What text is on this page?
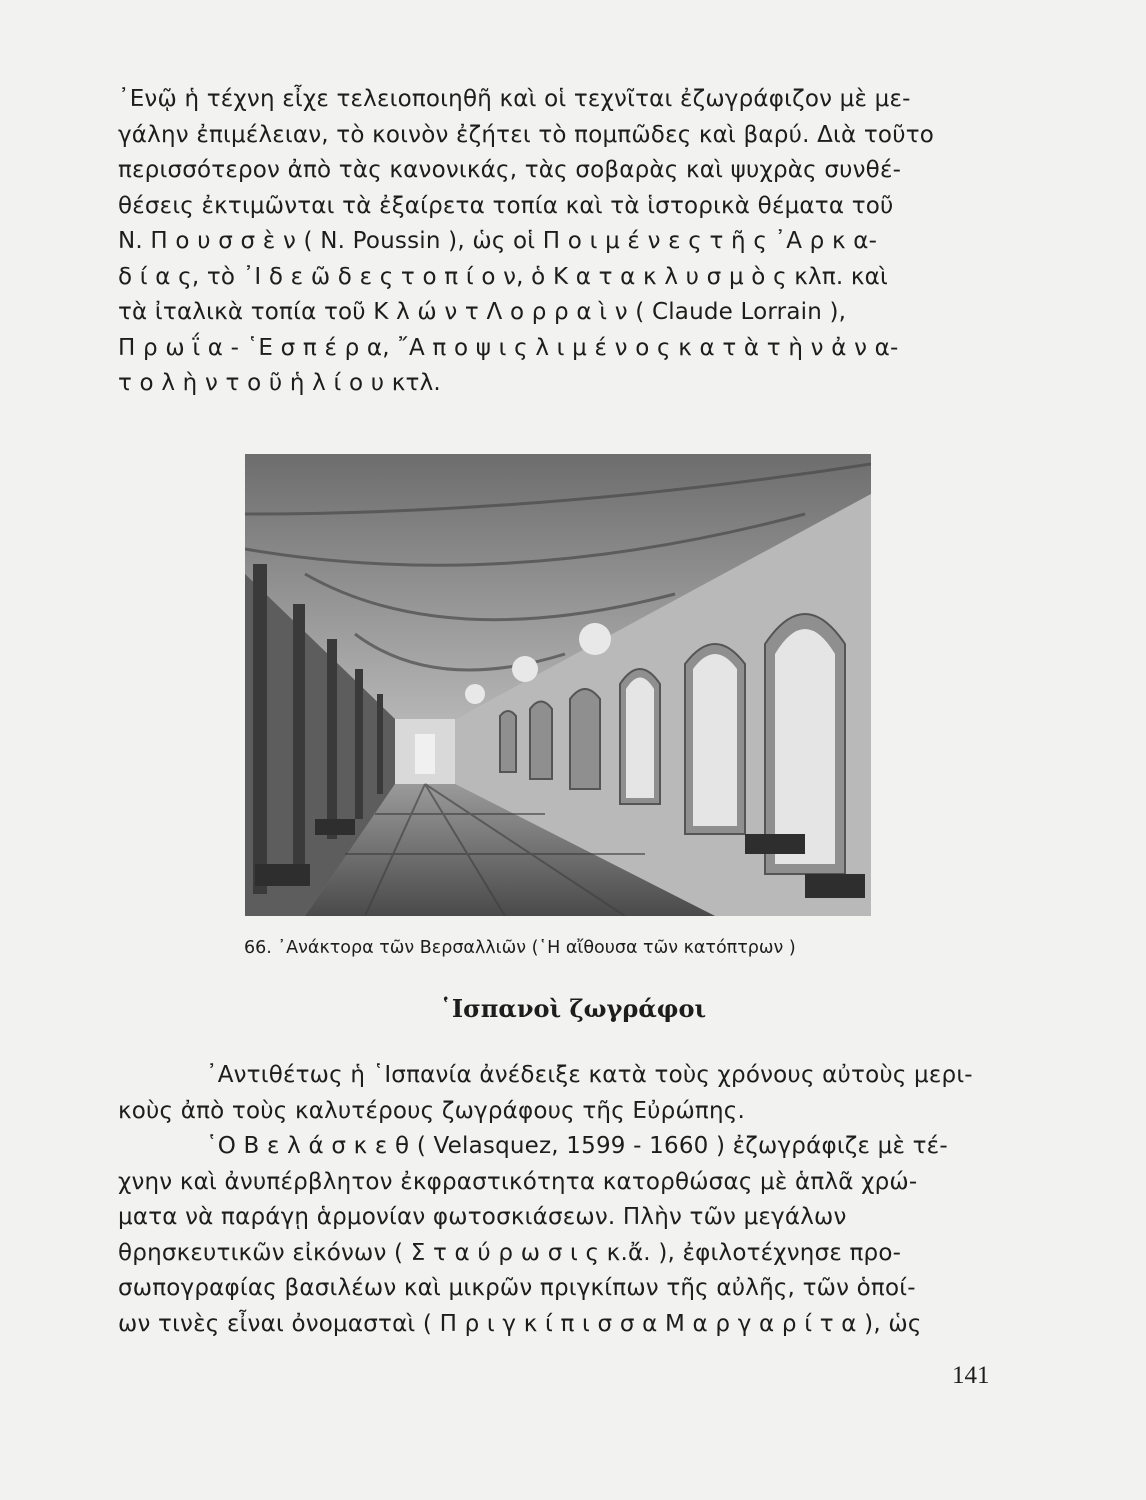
᾿Ενῷ ἡ τέχνη εἶχε τελειοποιηθῆ καὶ οἱ τεχνῖται ἐζωγράφιζον μὲ με-
γάλην ἐπιμέλειαν, τὸ κοινὸν ἐζήτει τὸ πομπῶδες καὶ βαρύ. Διὰ τοῦτο
περισσότερον ἀπὸ τὰς κανονικάς, τὰς σοβαρὰς καὶ ψυχρὰς συνθέ-
θέσεις ἐκτιμῶνται τὰ ἐξαίρετα τοπία καὶ τὰ ἱστορικὰ θέματα τοῦ
Ν. Π ο υ σ σ ὲ ν ( N. Poussin ), ὡς οἱ Π ο ι μ έ ν ε ς τ ῆ ς ᾿Α ρ κ α-
δ ί α ς, τὸ ᾿Ι δ ε ῶ δ ε ς τ ο π ί ο ν, ὁ Κ α τ α κ λ υ σ μ ὸ ς κλπ. καὶ
τὰ ἰταλικὰ τοπία τοῦ Κ λ ώ ν τ Λ ο ρ ρ α ὶ ν ( Claude Lorrain ),
Π ρ ω ΐ α - ῾Ε σ π έ ρ α, ῎Α π ο ψ ι ς λ ι μ έ ν ο ς κ α τ ὰ τ ὴ ν ἀ ν α-
τ ο λ ὴ ν τ ο ῦ ἡ λ ί ο υ κτλ.
66. ᾿Ανάκτορα τῶν Βερσαλλιῶν (῾Η αἴθουσα τῶν κατόπτρων )
῾Ισπανοὶ ζωγράφοι
᾿Αντιθέτως ἡ ῾Ισπανία ἀνέδειξε κατὰ τοὺς χρόνους αὐτοὺς μερι-
κοὺς ἀπὸ τοὺς καλυτέρους ζωγράφους τῆς Εὐρώπης.
῾Ο Β ε λ ά σ κ ε θ ( Velasquez, 1599 - 1660 ) ἐζωγράφιζε μὲ τέ-
χνην καὶ ἀνυπέρβλητον ἐκφραστικότητα κατορθώσας μὲ ἁπλᾶ χρώ-
ματα νὰ παράγῃ ἁρμονίαν φωτοσκιάσεων. Πλὴν τῶν μεγάλων
θρησκευτικῶν εἰκόνων ( Σ τ α ύ ρ ω σ ι ς κ.ἄ. ), ἐφιλοτέχνησε προ-
σωπογραφίας βασιλέων καὶ μικρῶν πριγκίπων τῆς αὐλῆς, τῶν ὁποί-
ων τινὲς εἶναι ὀνομασταὶ ( Π ρ ι γ κ ί π ι σ σ α Μ α ρ γ α ρ ί τ α ), ὡς
141
